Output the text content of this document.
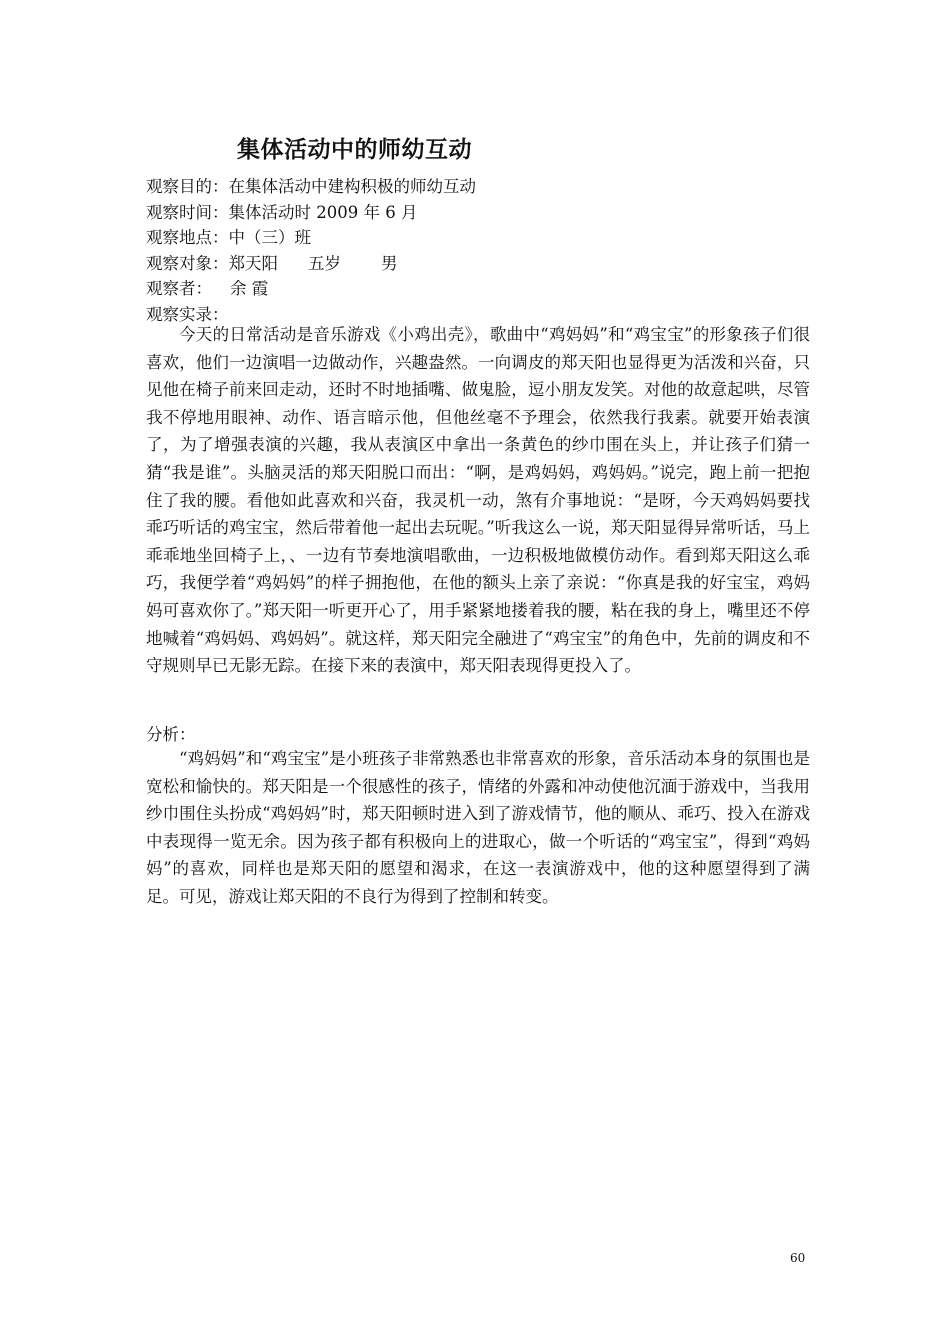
集体活动中的师幼互动
观察目的：在集体活动中建构积极的师幼互动
观察时间：集体活动时 2009 年 6 月
观察地点：中（三）班
观察对象：郑天阳 五岁 男
观察者： 余 霞
观察实录：

今天的日常活动是音乐游戏《小鸡出壳》，歌曲中“鸡妈妈”和“鸡宝宝”的形象孩子们很喜欢，他们一边演唱一边做动作，兴趣盎然。一向调皮的郑天阳也显得更为活泼和兴奋，只见他在椅子前来回走动，还时不时地插嘴、做鬼脸，逗小朋友发笑。对他的故意起哄，尽管我不停地用眼神、动作、语言暗示他，但他丝毫不予理会，依然我行我素。就要开始表演了，为了增强表演的兴趣，我从表演区中拿出一条黄色的纱巾围在头上，并让孩子们猜一猜“我是谁”。头脑灵活的郑天阳脱口而出：“啊，是鸡妈妈，鸡妈妈。”说完，跑上前一把抱住了我的腰。看他如此喜欢和兴奋，我灵机一动，煞有介事地说：“是呀，今天鸡妈妈要找乖巧听话的鸡宝宝，然后带着他一起出去玩呢。”听我这么一说，郑天阳显得异常听话，马上乖乖地坐回椅子上，、一边有节奏地演唱歌曲，一边积极地做模仿动作。看到郑天阳这么乖巧，我便学着“鸡妈妈”的样子拥抱他，在他的额头上亲了亲说：“你真是我的好宝宝，鸡妈妈可喜欢你了。”郑天阳一听更开心了，用手紧紧地搂着我的腰，粘在我的身上，嘴里还不停地喊着“鸡妈妈、鸡妈妈”。就这样，郑天阳完全融进了“鸡宝宝”的角色中，先前的调皮和不守规则早已无影无踪。在接下来的表演中，郑天阳表现得更投入了。

分析：

“鸡妈妈”和“鸡宝宝”是小班孩子非常熟悉也非常喜欢的形象，音乐活动本身的氛围也是宽松和愉快的。郑天阳是一个很感性的孩子，情绪的外露和冲动使他沉湎于游戏中，当我用纱巾围住头扮成“鸡妈妈”时，郑天阳顿时进入到了游戏情节，他的顺从、乖巧、投入在游戏中表现得一览无余。因为孩子都有积极向上的进取心，做一个听话的“鸡宝宝”，得到“鸡妈妈”的喜欢，同样也是郑天阳的愿望和渴求，在这一表演游戏中，他的这种愿望得到了满足。可见，游戏让郑天阳的不良行为得到了控制和转变。

60
